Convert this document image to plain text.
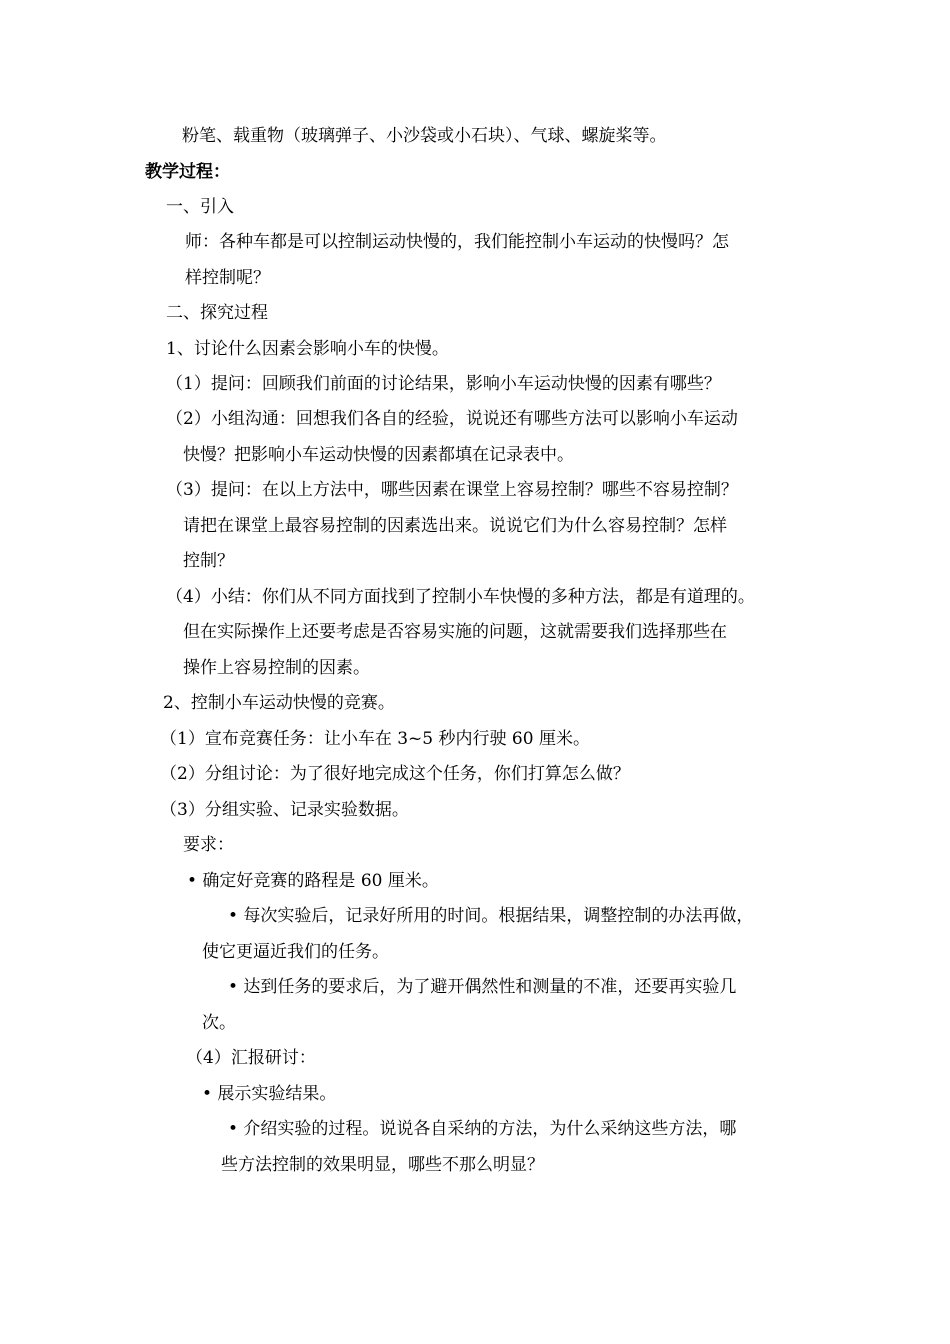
粉笔、载重物（玻璃弹子、小沙袋或小石块）、气球、螺旋桨等。
教学过程：
一、引入
师：各种车都是可以控制运动快慢的，我们能控制小车运动的快慢吗？怎
样控制呢？
二、探究过程
1、讨论什么因素会影响小车的快慢。
（1）提问：回顾我们前面的讨论结果，影响小车运动快慢的因素有哪些？
（2）小组沟通：回想我们各自的经验，说说还有哪些方法可以影响小车运动
快慢？把影响小车运动快慢的因素都填在记录表中。
（3）提问：在以上方法中，哪些因素在课堂上容易控制？哪些不容易控制？
请把在课堂上最容易控制的因素选出来。说说它们为什么容易控制？怎样
控制？
（4）小结：你们从不同方面找到了控制小车快慢的多种方法，都是有道理的。
但在实际操作上还要考虑是否容易实施的问题，这就需要我们选择那些在
操作上容易控制的因素。
2、控制小车运动快慢的竞赛。
（1）宣布竞赛任务：让小车在 3~5 秒内行驶 60 厘米。
（2）分组讨论：为了很好地完成这个任务，你们打算怎么做？
（3）分组实验、记录实验数据。
要求：
• 确定好竞赛的路程是 60 厘米。
• 每次实验后，记录好所用的时间。根据结果，调整控制的办法再做，
使它更逼近我们的任务。
• 达到任务的要求后，为了避开偶然性和测量的不准，还要再实验几
次。
（4）汇报研讨：
• 展示实验结果。
• 介绍实验的过程。说说各自采纳的方法，为什么采纳这些方法，哪
些方法控制的效果明显，哪些不那么明显？
